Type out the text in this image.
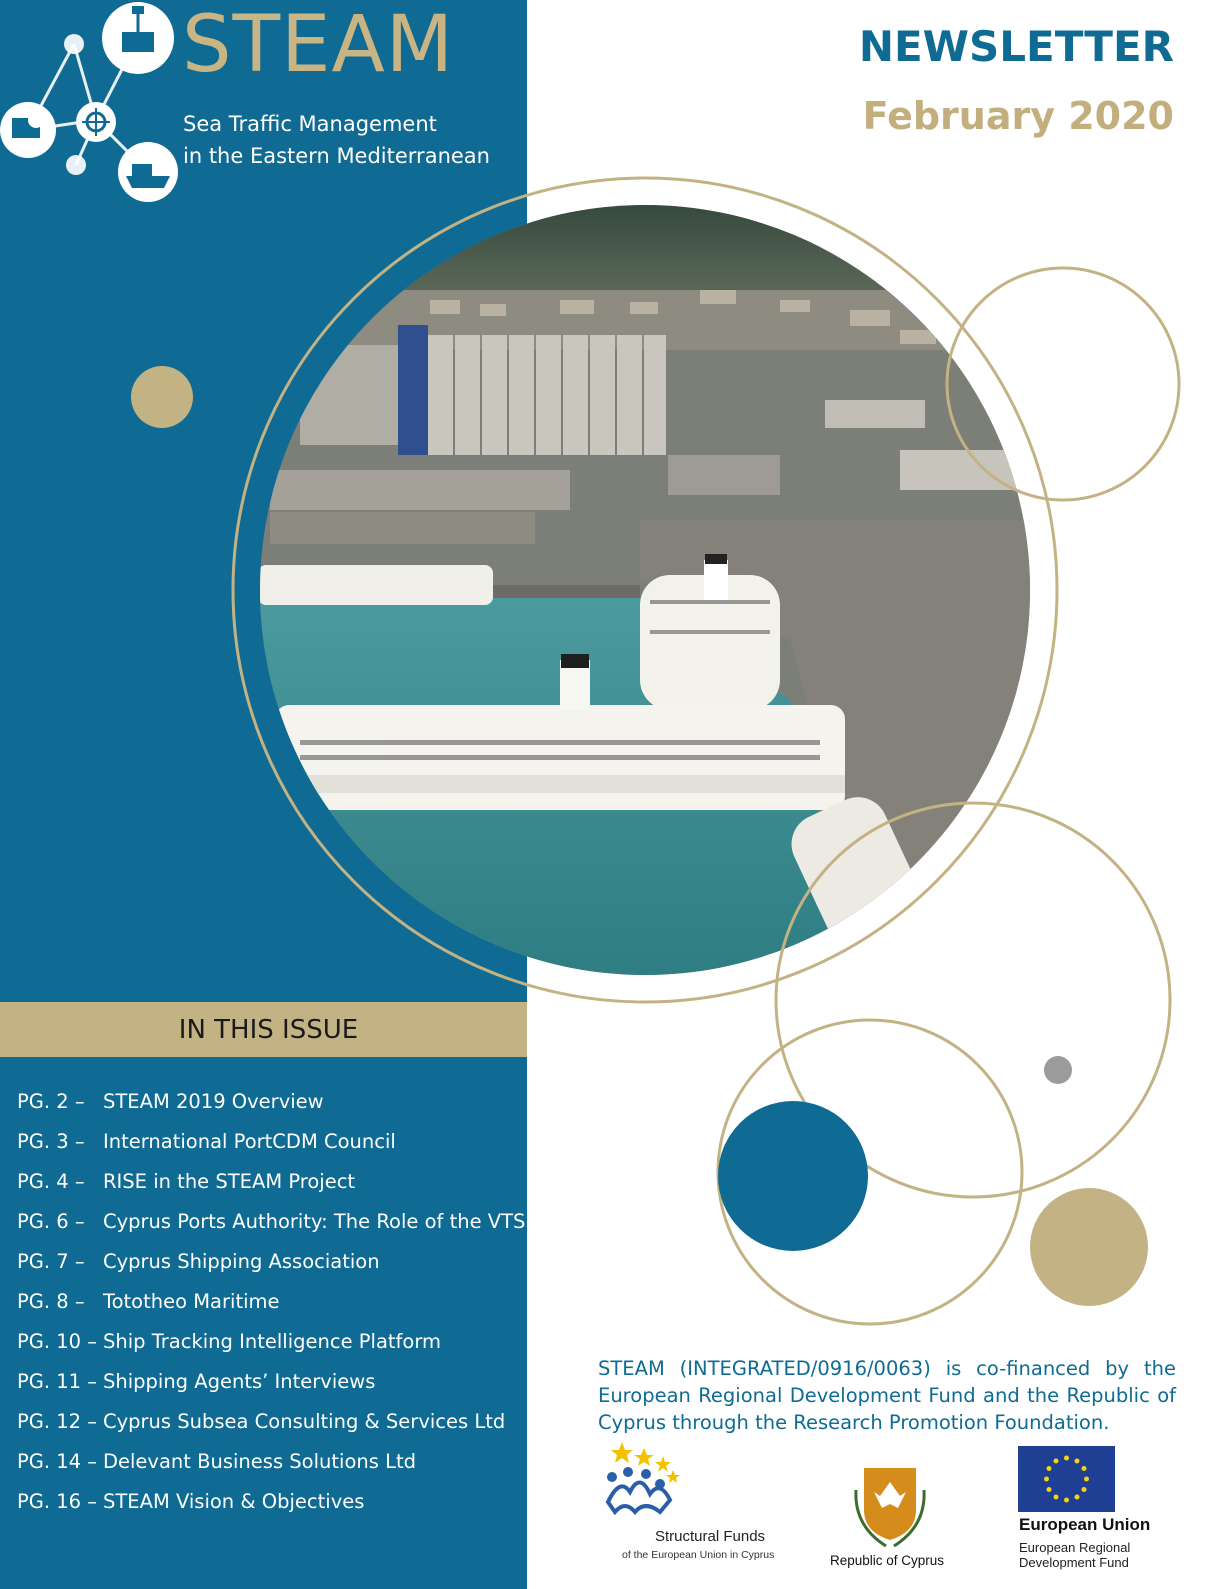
STEAM
Sea Traffic Management
in the Eastern Mediterranean
NEWSLETTER
February 2020
IN THIS ISSUE
PG. 2 – STEAM 2019 Overview
PG. 3 – International PortCDM Council
PG. 4 – RISE in the STEAM Project
PG. 6 – Cyprus Ports Authority: The Role of the VTS
PG. 7 – Cyprus Shipping Association
PG. 8 – Tototheo Maritime
PG. 10 – Ship Tracking Intelligence Platform
PG. 11 – Shipping Agents’ Interviews
PG. 12 – Cyprus Subsea Consulting & Services Ltd
PG. 14 – Delevant Business Solutions Ltd
PG. 16 – STEAM Vision & Objectives
STEAM (INTEGRATED/0916/0063) is co-financed by the European Regional Development Fund and the Republic of Cyprus through the Research Promotion Foundation.
Structural Funds
of the European Union in Cyprus	Republic of Cyprus
European Union
European Regional
Development Fund
